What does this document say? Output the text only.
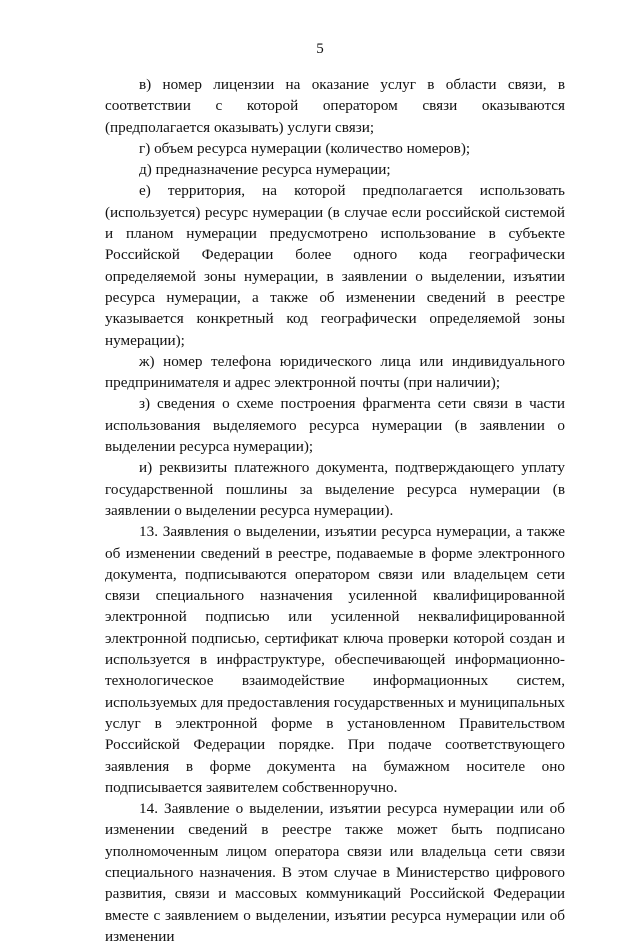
5

в) номер лицензии на оказание услуг в области связи, в соответствии с которой оператором связи оказываются (предполагается оказывать) услуги связи;

г) объем ресурса нумерации (количество номеров);

д) предназначение ресурса нумерации;

е) территория, на которой предполагается использовать (используется) ресурс нумерации (в случае если российской системой и планом нумерации предусмотрено использование в субъекте Российской Федерации более одного кода географически определяемой зоны нумерации, в заявлении о выделении, изъятии ресурса нумерации, а также об изменении сведений в реестре указывается конкретный код географически определяемой зоны нумерации);

ж) номер телефона юридического лица или индивидуального предпринимателя и адрес электронной почты (при наличии);

з) сведения о схеме построения фрагмента сети связи в части использования выделяемого ресурса нумерации (в заявлении о выделении ресурса нумерации);

и) реквизиты платежного документа, подтверждающего уплату государственной пошлины за выделение ресурса нумерации (в заявлении о выделении ресурса нумерации).

13. Заявления о выделении, изъятии ресурса нумерации, а также об изменении сведений в реестре, подаваемые в форме электронного документа, подписываются оператором связи или владельцем сети связи специального назначения усиленной квалифицированной электронной подписью или усиленной неквалифицированной электронной подписью, сертификат ключа проверки которой создан и используется в инфраструктуре, обеспечивающей информационно-технологическое взаимодействие информационных систем, используемых для предоставления государственных и муниципальных услуг в электронной форме в установленном Правительством Российской Федерации порядке. При подаче соответствующего заявления в форме документа на бумажном носителе оно подписывается заявителем собственноручно.

14. Заявление о выделении, изъятии ресурса нумерации или об изменении сведений в реестре также может быть подписано уполномоченным лицом оператора связи или владельца сети связи специального назначения. В этом случае в Министерство цифрового развития, связи и массовых коммуникаций Российской Федерации вместе с заявлением о выделении, изъятии ресурса нумерации или об изменении
